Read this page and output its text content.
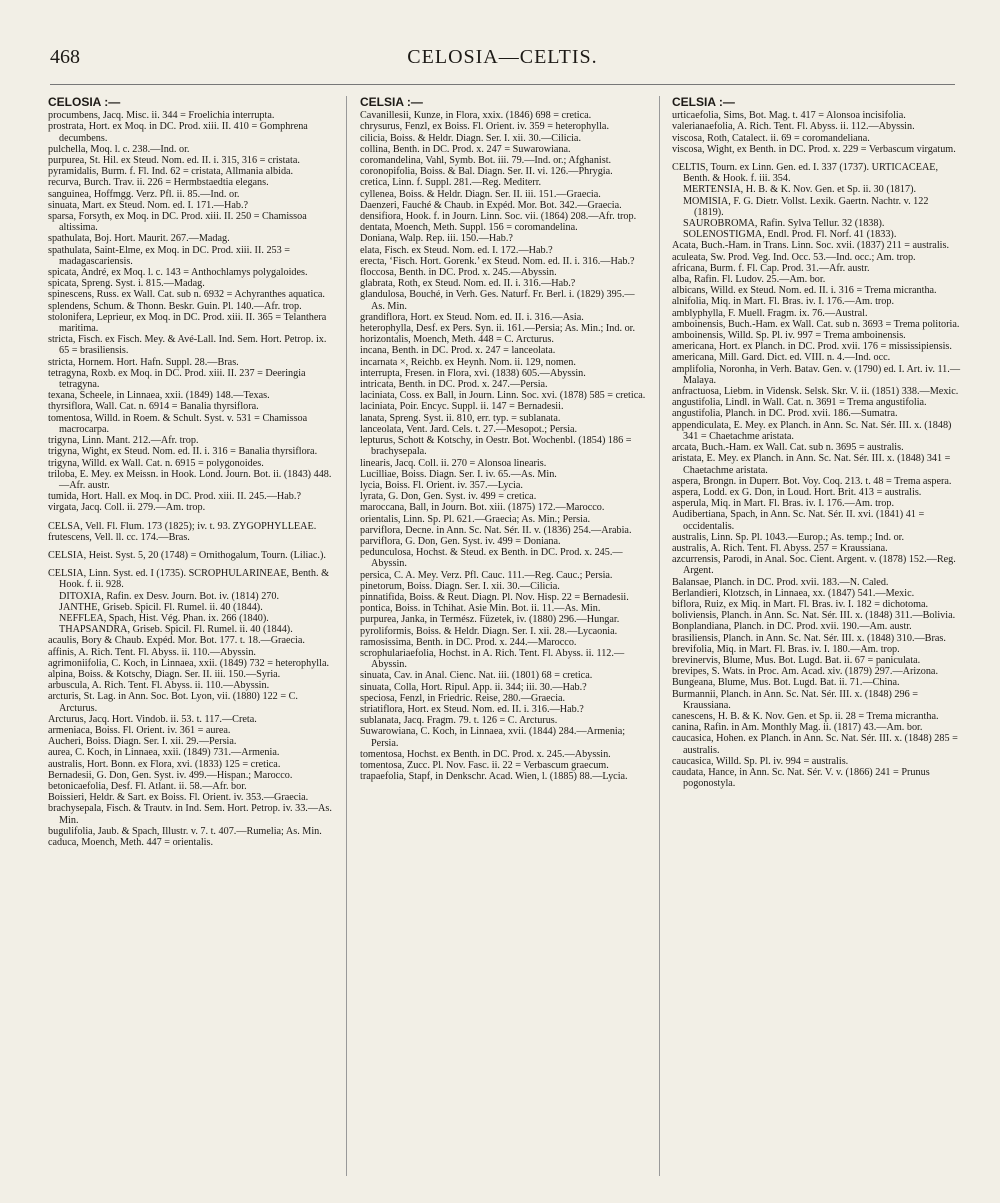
468	CELOSIA—CELTIS.
CELOSIA :—

procumbens, Jacq. Misc. ii. 344 = Froelichia interrupta.

prostrata, Hort. ex Moq. in DC. Prod. xiii. II. 410 = Gomphrena decumbens.

pulchella, Moq. l. c. 238.—Ind. or.

purpurea, St. Hil. ex Steud. Nom. ed. II. i. 315, 316 = cristata.

pyramidalis, Burm. f. Fl. Ind. 62 = cristata, Allmania albida.

recurva, Burch. Trav. ii. 226 = Hermbstaedtia elegans.

sanguinea, Hoffmgg. Verz. Pfl. ii. 85.—Ind. or.

sinuata, Mart. ex Steud. Nom. ed. I. 171.—Hab.?

sparsa, Forsyth, ex Moq. in DC. Prod. xiii. II. 250 = Chamissoa altissima.

spathulata, Boj. Hort. Maurit. 267.—Madag.

spathulata, Saint-Elme, ex Moq. in DC. Prod. xiii. II. 253 = madagascariensis.

spicata, André, ex Moq. l. c. 143 = Anthochlamys polygaloides.

spicata, Spreng. Syst. i. 815.—Madag.

spinescens, Russ. ex Wall. Cat. sub n. 6932 = Achyranthes aquatica.

splendens, Schum. & Thonn. Beskr. Guin. Pl. 140.—Afr. trop.

stolonifera, Leprieur, ex Moq. in DC. Prod. xiii. II. 365 = Telanthera maritima.

stricta, Fisch. ex Fisch. Mey. & Avé-Lall. Ind. Sem. Hort. Petrop. ix. 65 = brasiliensis.

stricta, Hornem. Hort. Hafn. Suppl. 28.—Bras.

tetragyna, Roxb. ex Moq. in DC. Prod. xiii. II. 237 = Deeringia tetragyna.

texana, Scheele, in Linnaea, xxii. (1849) 148.—Texas.

thyrsiflora, Wall. Cat. n. 6914 = Banalia thyrsiflora.

tomentosa, Willd. in Roem. & Schult. Syst. v. 531 = Chamissoa macrocarpa.

trigyna, Linn. Mant. 212.—Afr. trop.

trigyna, Wight, ex Steud. Nom. ed. II. i. 316 = Banalia thyrsiflora.

trigyna, Willd. ex Wall. Cat. n. 6915 = polygonoides.

triloba, E. Mey. ex Meissn. in Hook. Lond. Journ. Bot. ii. (1843) 448.—Afr. austr.

tumida, Hort. Hall. ex Moq. in DC. Prod. xiii. II. 245.—Hab.?

virgata, Jacq. Coll. ii. 279.—Am. trop.

CELSA, Vell. Fl. Flum. 173 (1825); iv. t. 93. ZYGOPHYLLEAE.

frutescens, Vell. ll. cc. 174.—Bras.

CELSIA, Heist. Syst. 5, 20 (1748) = Ornithogalum, Tourn. (Liliac.).

CELSIA, Linn. Syst. ed. I (1735). SCROPHULARINEAE, Benth. & Hook. f. ii. 928.

DITOXIA, Rafin. ex Desv. Journ. Bot. iv. (1814) 270.

JANTHE, Griseb. Spicil. Fl. Rumel. ii. 40 (1844).

NEFFLEA, Spach, Hist. Vég. Phan. ix. 266 (1840).

THAPSANDRA, Griseb. Spicil. Fl. Rumel. ii. 40 (1844).

acaulis, Bory & Chaub. Expéd. Mor. Bot. 177. t. 18.—Graecia.

affinis, A. Rich. Tent. Fl. Abyss. ii. 110.—Abyssin.

agrimoniifolia, C. Koch, in Linnaea, xxii. (1849) 732 = heterophylla.

alpina, Boiss. & Kotschy, Diagn. Ser. II. iii. 150.—Syria.

arbuscula, A. Rich. Tent. Fl. Abyss. ii. 110.—Abyssin.

arcturis, St. Lag. in Ann. Soc. Bot. Lyon, vii. (1880) 122 = C. Arcturus.

Arcturus, Jacq. Hort. Vindob. ii. 53. t. 117.—Creta.

armeniaca, Boiss. Fl. Orient. iv. 361 = aurea.

Aucheri, Boiss. Diagn. Ser. I. xii. 29.—Persia.

aurea, C. Koch, in Linnaea, xxii. (1849) 731.—Armenia.

australis, Hort. Bonn. ex Flora, xvi. (1833) 125 = cretica.

Bernadesii, G. Don, Gen. Syst. iv. 499.—Hispan.; Marocco.

betonicaefolia, Desf. Fl. Atlant. ii. 58.—Afr. bor.

Boissieri, Heldr. & Sart. ex Boiss. Fl. Orient. iv. 353.—Graecia.

brachysepala, Fisch. & Trautv. in Ind. Sem. Hort. Petrop. iv. 33.—As. Min.

bugulifolia, Jaub. & Spach, Illustr. v. 7. t. 407.—Rumelia; As. Min.

caduca, Moench, Meth. 447 = orientalis.

CELSIA :—

Cavanillesii, Kunze, in Flora, xxix. (1846) 698 = cretica.

chrysurus, Fenzl, ex Boiss. Fl. Orient. iv. 359 = heterophylla.

cilicia, Boiss. & Heldr. Diagn. Ser. I. xii. 30.—Cilicia.

collina, Benth. in DC. Prod. x. 247 = Suwarowiana.

coromandelina, Vahl, Symb. Bot. iii. 79.—Ind. or.; Afghanist.

coronopifolia, Boiss. & Bal. Diagn. Ser. II. vi. 126.—Phrygia.

cretica, Linn. f. Suppl. 281.—Reg. Mediterr.

cyllenea, Boiss. & Heldr. Diagn. Ser. II. iii. 151.—Graecia.

Daenzeri, Fauché & Chaub. in Expéd. Mor. Bot. 342.—Graecia.

densifiora, Hook. f. in Journ. Linn. Soc. vii. (1864) 208.—Afr. trop.

dentata, Moench, Meth. Suppl. 156 = coromandelina.

Doniana, Walp. Rep. iii. 150.—Hab.?

elata, Fisch. ex Steud. Nom. ed. I. 172.—Hab.?

erecta, ‘Fisch. Hort. Gorenk.’ ex Steud. Nom. ed. II. i. 316.—Hab.?

floccosa, Benth. in DC. Prod. x. 245.—Abyssin.

glabrata, Roth, ex Steud. Nom. ed. II. i. 316.—Hab.?

glandulosa, Bouché, in Verh. Ges. Naturf. Fr. Berl. i. (1829) 395.—As. Min.

grandiflora, Hort. ex Steud. Nom. ed. II. i. 316.—Asia.

heterophylla, Desf. ex Pers. Syn. ii. 161.—Persia; As. Min.; Ind. or.

horizontalis, Moench, Meth. 448 = C. Arcturus.

incana, Benth. in DC. Prod. x. 247 = lanceolata.

incarnata ×, Reichb. ex Heynh. Nom. ii. 129, nomen.

interrupta, Fresen. in Flora, xvi. (1838) 605.—Abyssin.

intricata, Benth. in DC. Prod. x. 247.—Persia.

laciniata, Coss. ex Ball, in Journ. Linn. Soc. xvi. (1878) 585 = cretica.

laciniata, Poir. Encyc. Suppl. ii. 147 = Bernadesii.

lanata, Spreng. Syst. ii. 810, err. typ. = sublanata.

lanceolata, Vent. Jard. Cels. t. 27.—Mesopot.; Persia.

lepturus, Schott & Kotschy, in Oestr. Bot. Wochenbl. (1854) 186 = brachysepala.

linearis, Jacq. Coll. ii. 270 = Alonsoa linearis.

Lucilliae, Boiss. Diagn. Ser. I. iv. 65.—As. Min.

lycia, Boiss. Fl. Orient. iv. 357.—Lycia.

lyrata, G. Don, Gen. Syst. iv. 499 = cretica.

maroccana, Ball, in Journ. Bot. xiii. (1875) 172.—Marocco.

orientalis, Linn. Sp. Pl. 621.—Graecia; As. Min.; Persia.

parviflora, Decne. in Ann. Sc. Nat. Sér. II. v. (1836) 254.—Arabia.

parviflora, G. Don, Gen. Syst. iv. 499 = Doniana.

pedunculosa, Hochst. & Steud. ex Benth. in DC. Prod. x. 245.—Abyssin.

persica, C. A. Mey. Verz. Pfl. Cauc. 111.—Reg. Cauc.; Persia.

pinetorum, Boiss. Diagn. Ser. I. xii. 30.—Cilicia.

pinnatifida, Boiss. & Reut. Diagn. Pl. Nov. Hisp. 22 = Bernadesii.

pontica, Boiss. in Tchihat. Asie Min. Bot. ii. 11.—As. Min.

purpurea, Janka, in Termész. Füzetek, iv. (1880) 296.—Hungar.

pyroliformis, Boiss. & Heldr. Diagn. Ser. I. xii. 28.—Lycaonia.

ramosissima, Benth. in DC. Prod. x. 244.—Marocco.

scrophulariaefolia, Hochst. in A. Rich. Tent. Fl. Abyss. ii. 112.—Abyssin.

sinuata, Cav. in Anal. Cienc. Nat. iii. (1801) 68 = cretica.

sinuata, Colla, Hort. Ripul. App. ii. 344; iii. 30.—Hab.?

speciosa, Fenzl, in Friedric. Reise, 280.—Graecia.

striatiflora, Hort. ex Steud. Nom. ed. II. i. 316.—Hab.?

sublanata, Jacq. Fragm. 79. t. 126 = C. Arcturus.

Suwarowiana, C. Koch, in Linnaea, xvii. (1844) 284.—Armenia; Persia.

tomentosa, Hochst. ex Benth. in DC. Prod. x. 245.—Abyssin.

tomentosa, Zucc. Pl. Nov. Fasc. ii. 22 = Verbascum graecum.

trapaefolia, Stapf, in Denkschr. Acad. Wien, l. (1885) 88.—Lycia.

CELSIA :—

urticaefolia, Sims, Bot. Mag. t. 417 = Alonsoa incisifolia.

valerianaefolia, A. Rich. Tent. Fl. Abyss. ii. 112.—Abyssin.

viscosa, Roth, Catalect. ii. 69 = coromandeliana.

viscosa, Wight, ex Benth. in DC. Prod. x. 229 = Verbascum virgatum.

CELTIS, Tourn. ex Linn. Gen. ed. I. 337 (1737). URTICACEAE, Benth. & Hook. f. iii. 354.

MERTENSIA, H. B. & K. Nov. Gen. et Sp. ii. 30 (1817).

MOMISIA, F. G. Dietr. Vollst. Lexik. Gaertn. Nachtr. v. 122 (1819).

SAUROBROMA, Rafin. Sylva Tellur. 32 (1838).

SOLENOSTIGMA, Endl. Prod. Fl. Norf. 41 (1833).

Acata, Buch.-Ham. in Trans. Linn. Soc. xvii. (1837) 211 = australis.

aculeata, Sw. Prod. Veg. Ind. Occ. 53.—Ind. occ.; Am. trop.

africana, Burm. f. Fl. Cap. Prod. 31.—Afr. austr.

alba, Rafin. Fl. Ludov. 25.—Am. bor.

albicans, Willd. ex Steud. Nom. ed. II. i. 316 = Trema micrantha.

alnifolia, Miq. in Mart. Fl. Bras. iv. I. 176.—Am. trop.

amblyphylla, F. Muell. Fragm. ix. 76.—Austral.

amboinensis, Buch.-Ham. ex Wall. Cat. sub n. 3693 = Trema politoria.

amboinensis, Willd. Sp. Pl. iv. 997 = Trema amboinensis.

americana, Hort. ex Planch. in DC. Prod. xvii. 176 = mississipiensis.

americana, Mill. Gard. Dict. ed. VIII. n. 4.—Ind. occ.

amplifolia, Noronha, in Verh. Batav. Gen. v. (1790) ed. I. Art. iv. 11.—Malaya.

anfractuosa, Liebm. in Vidensk. Selsk. Skr. V. ii. (1851) 338.—Mexic.

angustifolia, Lindl. in Wall. Cat. n. 3691 = Trema angustifolia.

angustifolia, Planch. in DC. Prod. xvii. 186.—Sumatra.

appendiculata, E. Mey. ex Planch. in Ann. Sc. Nat. Sér. III. x. (1848) 341 = Chaetachme aristata.

arcata, Buch.-Ham. ex Wall. Cat. sub n. 3695 = australis.

aristata, E. Mey. ex Planch. in Ann. Sc. Nat. Sér. III. x. (1848) 341 = Chaetachme aristata.

aspera, Brongn. in Duperr. Bot. Voy. Coq. 213. t. 48 = Trema aspera.

aspera, Lodd. ex G. Don, in Loud. Hort. Brit. 413 = australis.

asperula, Miq. in Mart. Fl. Bras. iv. I. 176.—Am. trop.

Audibertiana, Spach, in Ann. Sc. Nat. Sér. II. xvi. (1841) 41 = occidentalis.

australis, Linn. Sp. Pl. 1043.—Europ.; As. temp.; Ind. or.

australis, A. Rich. Tent. Fl. Abyss. 257 = Kraussiana.

azcurrensis, Parodi, in Anal. Soc. Cient. Argent. v. (1878) 152.—Reg. Argent.

Balansae, Planch. in DC. Prod. xvii. 183.—N. Caled.

Berlandieri, Klotzsch, in Linnaea, xx. (1847) 541.—Mexic.

biflora, Ruiz, ex Miq. in Mart. Fl. Bras. iv. I. 182 = dichotoma.

boliviensis, Planch. in Ann. Sc. Nat. Sér. III. x. (1848) 311.—Bolivia.

Bonplandiana, Planch. in DC. Prod. xvii. 190.—Am. austr.

brasiliensis, Planch. in Ann. Sc. Nat. Sér. III. x. (1848) 310.—Bras.

brevifolia, Miq. in Mart. Fl. Bras. iv. I. 180.—Am. trop.

brevinervis, Blume, Mus. Bot. Lugd. Bat. ii. 67 = paniculata.

brevipes, S. Wats. in Proc. Am. Acad. xiv. (1879) 297.—Arizona.

Bungeana, Blume, Mus. Bot. Lugd. Bat. ii. 71.—China.

Burmannii, Planch. in Ann. Sc. Nat. Sér. III. x. (1848) 296 = Kraussiana.

canescens, H. B. & K. Nov. Gen. et Sp. ii. 28 = Trema micrantha.

canina, Rafin. in Am. Monthly Mag. ii. (1817) 43.—Am. bor.

caucasica, Hohen. ex Planch. in Ann. Sc. Nat. Sér. III. x. (1848) 285 = australis.

caucasica, Willd. Sp. Pl. iv. 994 = australis.

caudata, Hance, in Ann. Sc. Nat. Sér. V. v. (1866) 241 = Prunus pogonostyla.
